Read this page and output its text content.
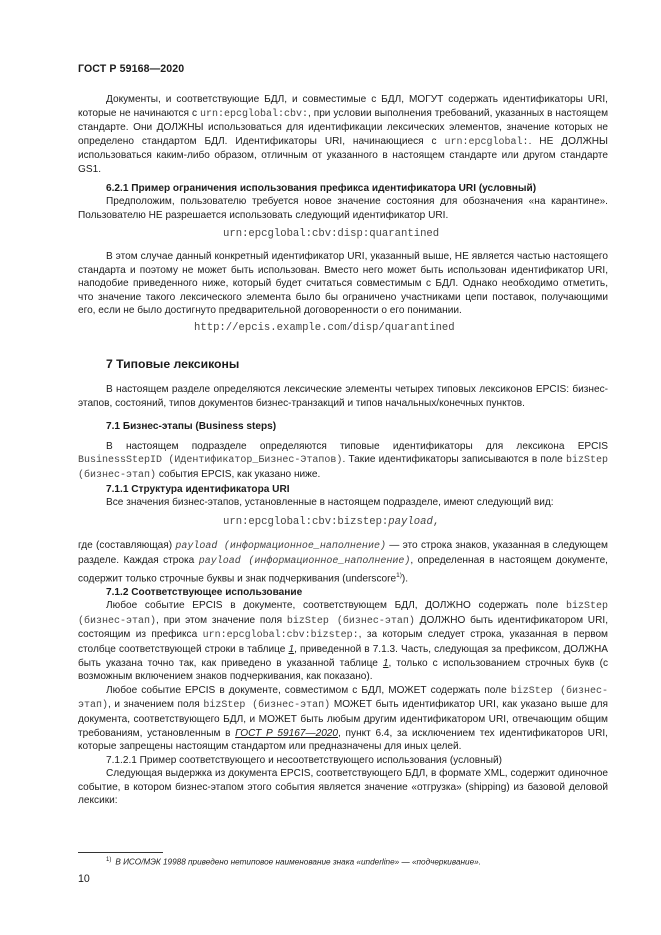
ГОСТ Р 59168—2020

Документы, и соответствующие БДЛ, и совместимые с БДЛ, МОГУТ содержать идентификаторы URI, которые не начинаются с urn:epcglobal:cbv:, при условии выполнения требований, указанных в настоящем стандарте. Они ДОЛЖНЫ использоваться для идентификации лексических элементов, значение которых не определено стандартом БДЛ. Идентификаторы URI, начинающиеся с urn:epcglobal:. НЕ ДОЛЖНЫ использоваться каким-либо образом, отличным от указанного в настоящем стандарте или другом стандарте GS1.

6.2.1 Пример ограничения использования префикса идентификатора URI (условный)

Предположим, пользователю требуется новое значение состояния для обозначения «на карантине». Пользователю НЕ разрешается использовать следующий идентификатор URI.

urn:epcglobal:cbv:disp:quarantined

В этом случае данный конкретный идентификатор URI, указанный выше, НЕ является частью настоящего стандарта и поэтому не может быть использован. Вместо него может быть использован идентификатор URI, наподобие приведенного ниже, который будет считаться совместимым с БДЛ. Однако необходимо отметить, что значение такого лексического элемента было бы ограничено участниками цепи поставок, получающими его, если не было достигнуто предварительной договоренности о его понимании.

http://epcis.example.com/disp/quarantined
7 Типовые лексиконы

В настоящем разделе определяются лексические элементы четырех типовых лексиконов EPCIS: бизнес-этапов, состояний, типов документов бизнес-транзакций и типов начальных/конечных пунктов.

7.1 Бизнес-этапы (Business steps)

В настоящем подразделе определяются типовые идентификаторы для лексикона EPCIS BusinessStepID (Идентификатор_Бизнес-Этапов). Такие идентификаторы записываются в поле bizStep (бизнес-этап) события EPCIS, как указано ниже.

7.1.1 Структура идентификатора URI

Все значения бизнес-этапов, установленные в настоящем подразделе, имеют следующий вид:

urn:epcglobal:cbv:bizstep:payload,

где (составляющая) payload (информационное_наполнение) — это строка знаков, указанная в следующем разделе. Каждая строка payload (информационное_наполнение), определенная в настоящем документе, содержит только строчные буквы и знак подчеркивания (underscore$^{1)}$).

7.1.2 Соответствующее использование

Любое событие EPCIS в документе, соответствующем БДЛ, ДОЛЖНО содержать поле bizStep (бизнес-этап), при этом значение поля bizStep (бизнес-этап) ДОЛЖНО быть идентификатором URI, состоящим из префикса urn:epcglobal:cbv:bizstep:, за которым следует строка, указанная в первом столбце соответствующей строки в таблице 1, приведенной в 7.1.3. Часть, следующая за префиксом, ДОЛЖНА быть указана точно так, как приведено в указанной таблице 1, только с использованием строчных букв (с возможным включением знаков подчеркивания, как показано).

Любое событие EPCIS в документе, совместимом с БДЛ, МОЖЕТ содержать поле bizStep (бизнес-этап), и значением поля bizStep (бизнес-этап) МОЖЕТ быть идентификатор URI, как указано выше для документа, соответствующего БДЛ, и МОЖЕТ быть любым другим идентификатором URI, отвечающим общим требованиям, установленным в ГОСТ Р 59167—2020, пункт 6.4, за исключением тех идентификаторов URI, которые запрещены настоящим стандартом или предназначены для иных целей.

7.1.2.1 Пример соответствующего и несоответствующего использования (условный)

Следующая выдержка из документа EPCIS, соответствующего БДЛ, в формате XML, содержит одиночное событие, в котором бизнес-этапом этого события является значение «отгрузка» (shipping) из базовой деловой лексики:

$^{1)}$ В ИСО/МЭК 19988 приведено нетиповое наименование знака «underline» — «подчеркивание».
10
